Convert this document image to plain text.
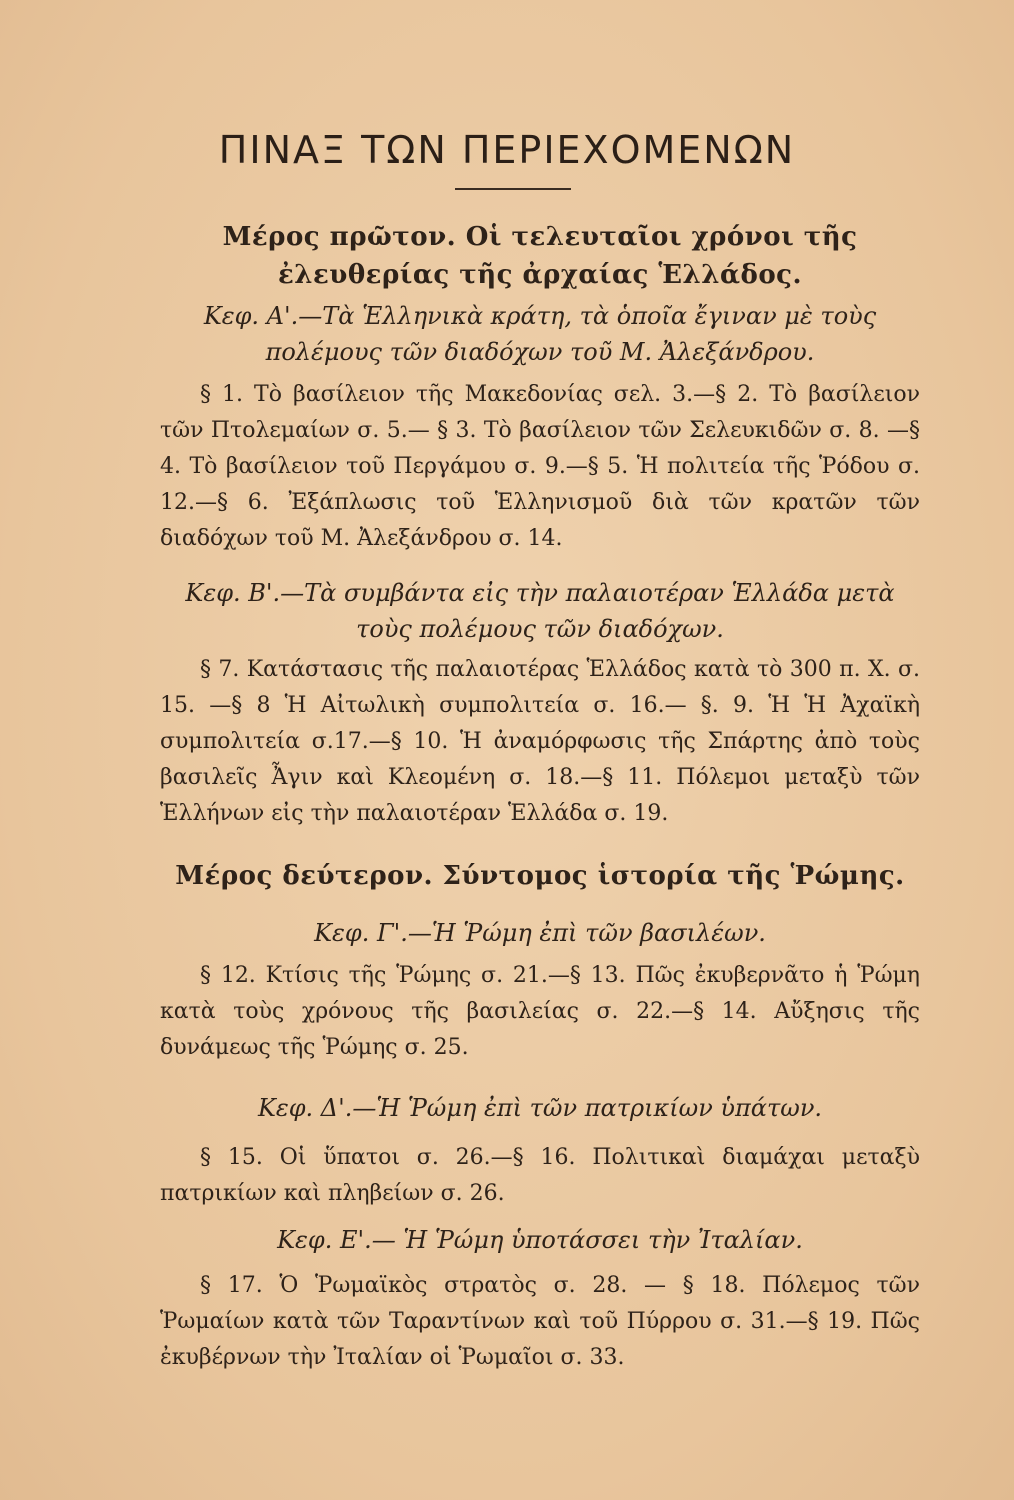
ΠΙΝΑΞ ΤΩΝ ΠΕΡΙΕΧΟΜΕΝΩΝ
Μέρος πρῶτον. Οἱ τελευταῖοι χρόνοι τῆς ἐλευθερίας τῆς ἀρχαίας Ἑλλάδος.
Κεφ. Α'.—Τὰ Ἑλληνικὰ κράτη, τὰ ὁποῖα ἔγιναν μὲ τοὺς πολέμους τῶν διαδόχων τοῦ Μ. Ἀλεξάνδρου.
§ 1. Τὸ βασίλειον τῆς Μακεδονίας σελ. 3.—§ 2. Τὸ βασίλειον τῶν Πτολεμαίων σ. 5.— § 3. Τὸ βασίλειον τῶν Σελευκιδῶν σ. 8. —§ 4. Τὸ βασίλειον τοῦ Περγάμου σ. 9.—§ 5. Ἡ πολιτεία τῆς Ῥόδου σ. 12.—§ 6. Ἐξάπλωσις τοῦ Ἑλληνισμοῦ διὰ τῶν κρατῶν τῶν διαδόχων τοῦ Μ. Ἀλεξάνδρου σ. 14.
Κεφ. Β'.—Τὰ συμβάντα εἰς τὴν παλαιοτέραν Ἑλλάδα μετὰ τοὺς πολέμους τῶν διαδόχων.
§ 7. Κατάστασις τῆς παλαιοτέρας Ἑλλάδος κατὰ τὸ 300 π. Χ. σ. 15. —§ 8 Ἡ Αἰτωλικὴ συμπολιτεία σ. 16.— §. 9. Ἡ Ἡ Ἀχαϊκὴ συμπολιτεία σ.17.—§ 10. Ἡ ἀναμόρφωσις τῆς Σπάρτης ἀπὸ τοὺς βασιλεῖς Ἆγιν καὶ Κλεομένη σ. 18.—§ 11. Πόλεμοι μεταξὺ τῶν Ἑλλήνων εἰς τὴν παλαιοτέραν Ἑλλάδα σ. 19.
Μέρος δεύτερον. Σύντομος ἱστορία τῆς Ῥώμης.
Κεφ. Γ'.—Ἡ Ῥώμη ἐπὶ τῶν βασιλέων.
§ 12. Κτίσις τῆς Ῥώμης σ. 21.—§ 13. Πῶς ἐκυβερνᾶτο ἡ Ῥώμη κατὰ τοὺς χρόνους τῆς βασιλείας σ. 22.—§ 14. Αὔξησις τῆς δυνάμεως τῆς Ῥώμης σ. 25.
Κεφ. Δ'.—Ἡ Ῥώμη ἐπὶ τῶν πατρικίων ὑπάτων.
§ 15. Οἱ ὕπατοι σ. 26.—§ 16. Πολιτικαὶ διαμάχαι μεταξὺ πατρικίων καὶ πληβείων σ. 26.
Κεφ. Ε'.— Ἡ Ῥώμη ὑποτάσσει τὴν Ἰταλίαν.
§ 17. Ὁ Ῥωμαϊκὸς στρατὸς σ. 28. — § 18. Πόλεμος τῶν Ῥωμαίων κατὰ τῶν Ταραντίνων καὶ τοῦ Πύρρου σ. 31.—§ 19. Πῶς ἐκυβέρνων τὴν Ἰταλίαν οἱ Ῥωμαῖοι σ. 33.
